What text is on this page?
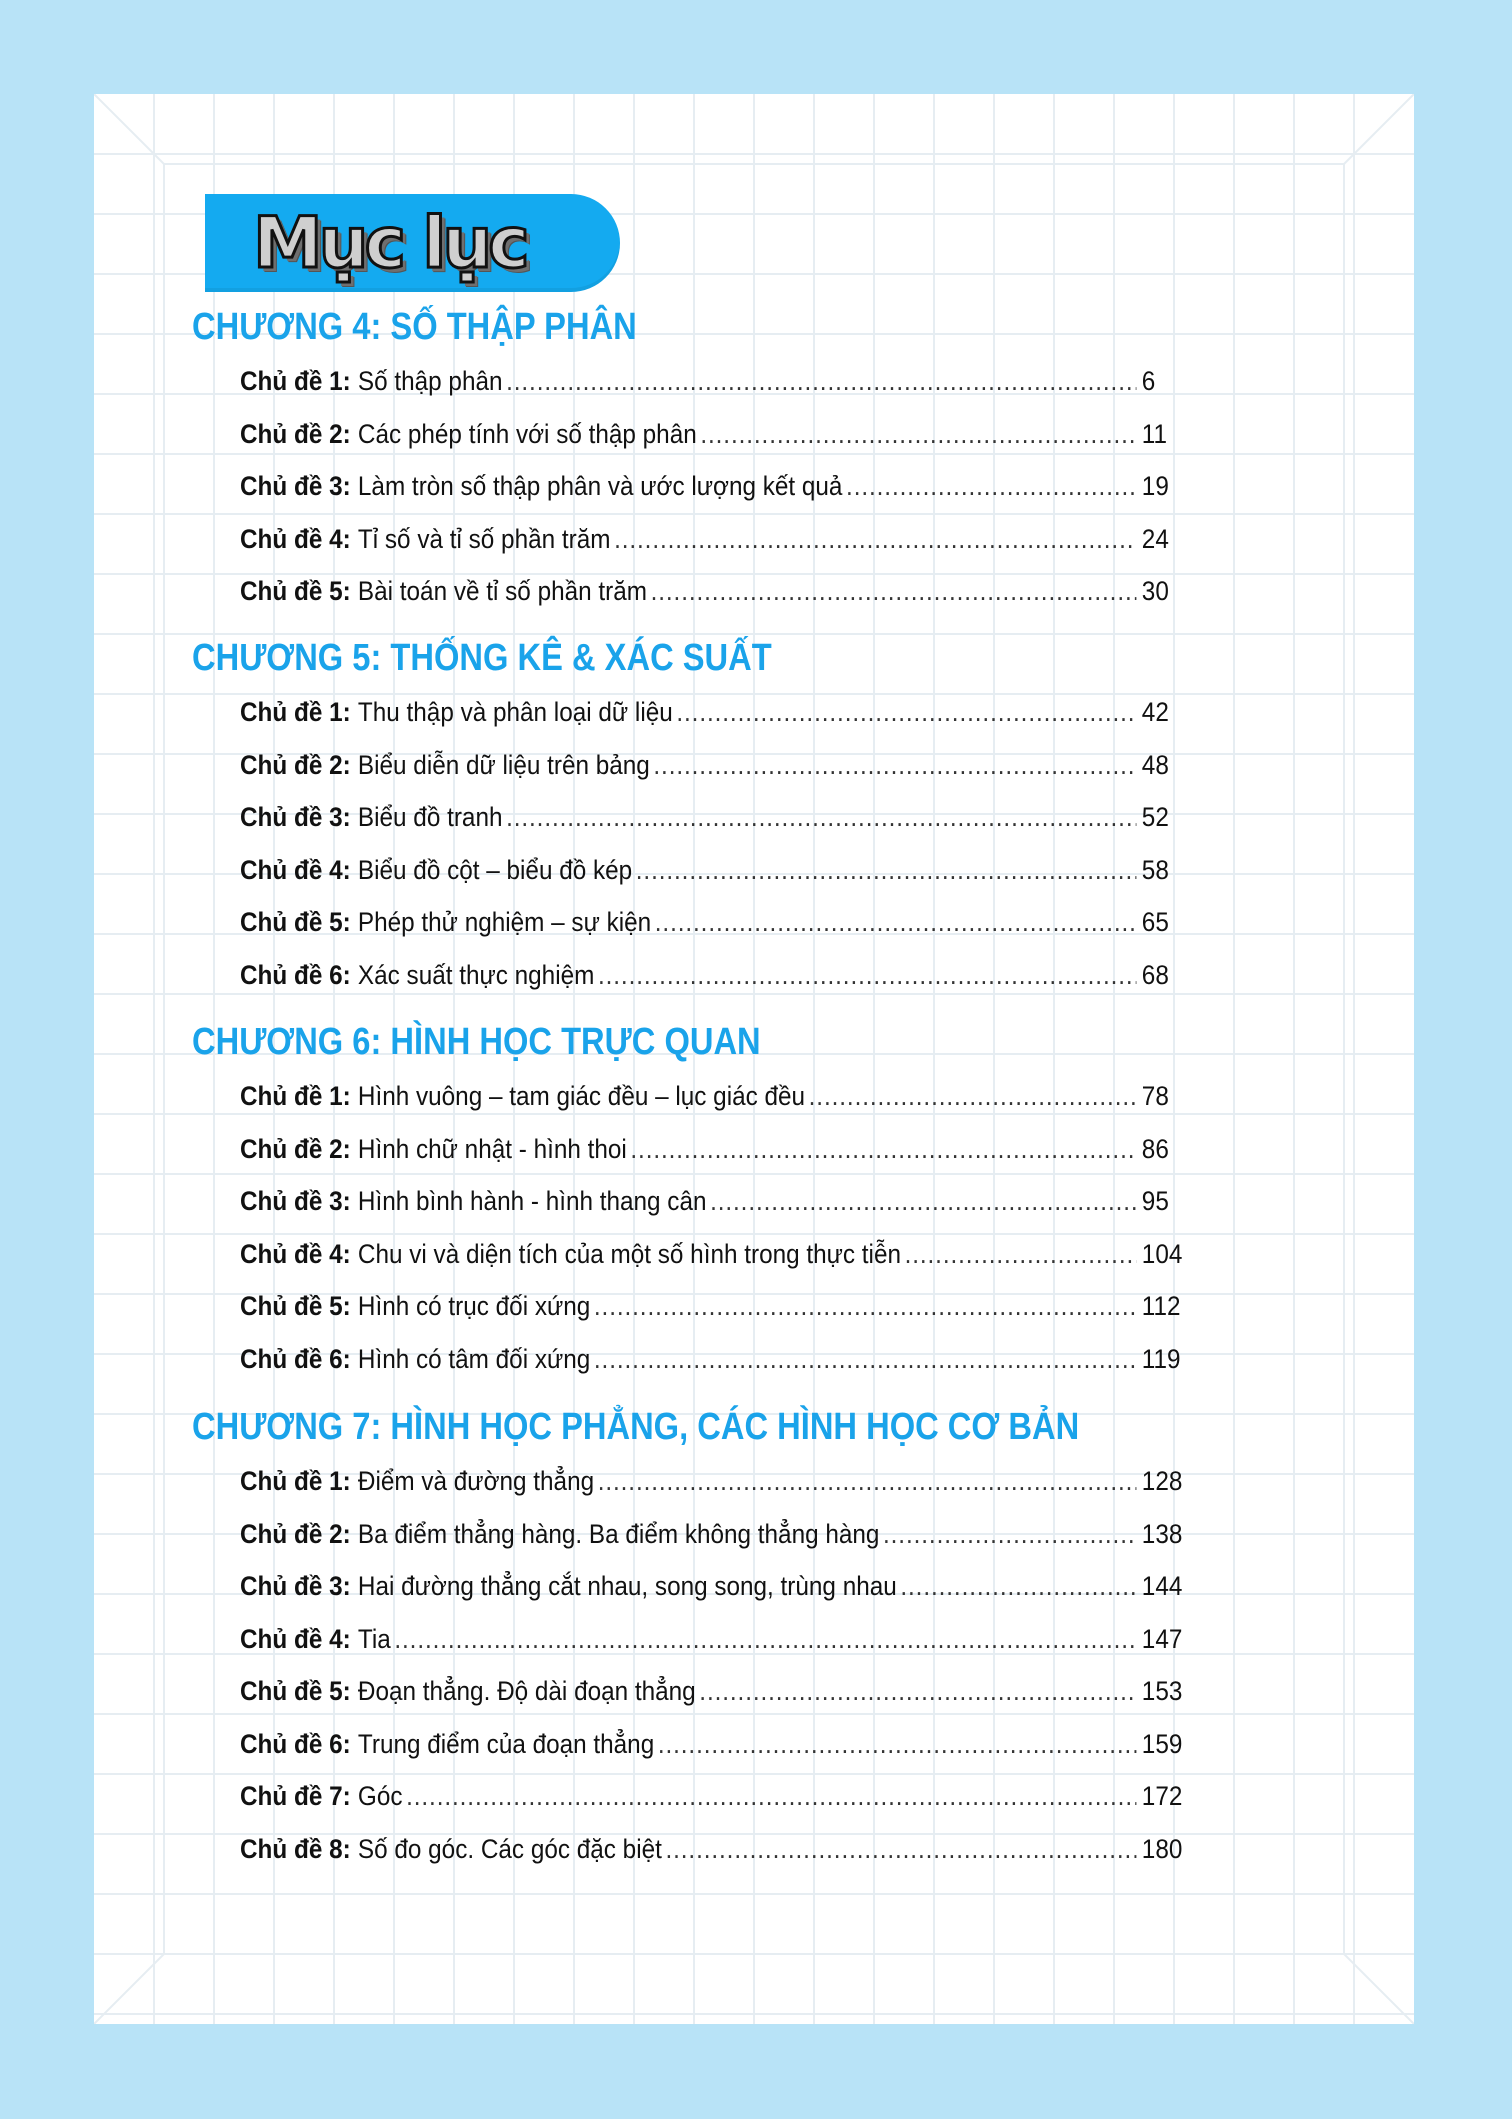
Mục lục
CHƯƠNG 4: SỐ THẬP PHÂN
Chủ đề 1: Số thập phân .....	6
Chủ đề 2: Các phép tính với số thập phân .....	11
Chủ đề 3: Làm tròn số thập phân và ước lượng kết quả .....	19
Chủ đề 4: Tỉ số và tỉ số phần trăm .....	24
Chủ đề 5: Bài toán về tỉ số phần trăm .....	30
CHƯƠNG 5: THỐNG KÊ & XÁC SUẤT
Chủ đề 1: Thu thập và phân loại dữ liệu .....	42
Chủ đề 2: Biểu diễn dữ liệu trên bảng .....	48
Chủ đề 3: Biểu đồ tranh .....	52
Chủ đề 4: Biểu đồ cột – biểu đồ kép .....	58
Chủ đề 5: Phép thử nghiệm – sự kiện .....	65
Chủ đề 6: Xác suất thực nghiệm .....	68
CHƯƠNG 6: HÌNH HỌC TRỰC QUAN
Chủ đề 1: Hình vuông – tam giác đều – lục giác đều .....	78
Chủ đề 2: Hình chữ nhật - hình thoi .....	86
Chủ đề 3: Hình bình hành - hình thang cân .....	95
Chủ đề 4: Chu vi và diện tích của một số hình trong thực tiễn .....	104
Chủ đề 5: Hình có trục đối xứng .....	112
Chủ đề 6: Hình có tâm đối xứng .....	119
CHƯƠNG 7: HÌNH HỌC PHẲNG, CÁC HÌNH HỌC CƠ BẢN
Chủ đề 1: Điểm và đường thẳng .....	128
Chủ đề 2: Ba điểm thẳng hàng. Ba điểm không thẳng hàng .....	138
Chủ đề 3: Hai đường thẳng cắt nhau, song song, trùng nhau .....	144
Chủ đề 4: Tia .....	147
Chủ đề 5: Đoạn thẳng. Độ dài đoạn thẳng .....	153
Chủ đề 6: Trung điểm của đoạn thẳng .....	159
Chủ đề 7: Góc .....	172
Chủ đề 8: Số đo góc. Các góc đặc biệt .....	180
